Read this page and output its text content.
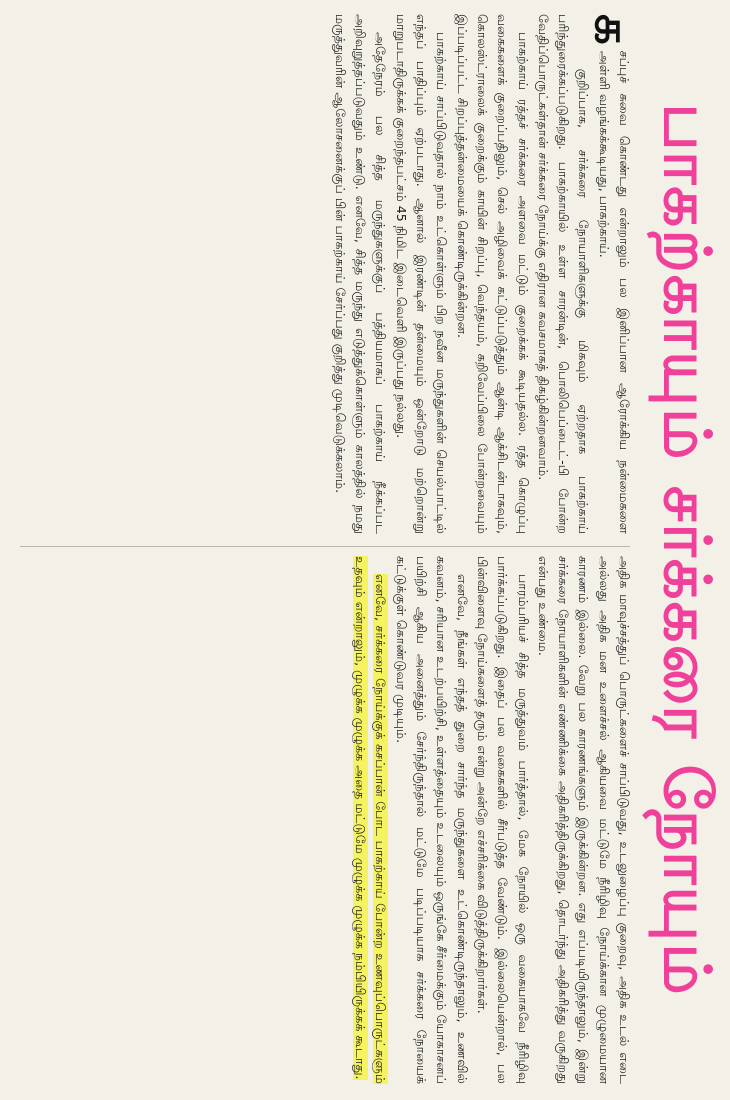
பாகற்காயும் சர்க்கரை நோயும்

க
சப்புச் சுவை கொண்டது என்றாலும் பல இனிப்பான ஆரோக்கிய நன்மைகளை அள்ளி வழங்கக்கூடியது, பாகற்காய்.

குறிப்பாக, சர்க்கரை நோயாளிகளுக்கு மிகவும் ஏற்றதாக பாகற்காய் பரிந்துரைக்கப்படுகிறது. பாகற்காயில் உள்ள சாரன்டின், பொலிபெப்டைட்-பி போன்ற வேதிப்பொருட்கள்தான் சர்க்கரை நோய்க்கு எதிரான கவசமாகத் திகழ்கின்றனவாம்.

பாகற்காய் ரத்தச் சர்க்கரை அளவை மட்டும் குறைக்கக் கூடியதல்ல. ரத்த கொழுப்பு வகைகளைக் குறைப்பதிலும், செல் அழிவைக் கட்டுப்படுத்தும் ஆன்டி ஆக்சிடன்டாகவும், கொலஸ்ட்ராலைக் குறைக்கும் காயின் சிறப்பு, வெந்தயம், கறிவேப்பிலை போன்றவையும் இப்படிப்பட்ட சிறப்புத்தன்மையைக் கொண்டிருக்கின்றன.

பாகற்காய் சாப்பிடுவதால் நாம் உட்கொள்ளும் பிற நவீன மருந்துகளின் செயல்பாட்டில் எந்தப் பாதிப்பும் ஏற்படாது. ஆனால் இரண்டின் தன்மையும் ஒன்றோடு மற்றொன்று மாறுபடாதிருக்கக் குறைந்தபட்சம் 45 நிமிட இடைவெளி இருப்பது நல்லது.

அதேநேரம் பல சித்த மருந்துகளுக்குப் பத்தியமாகப் பாகற்காய் நீக்கப்பட அறிவுறுத்தப்படுவதும் உண்டு. எனவே, சித்த மருந்து எடுத்துக்கொள்ளும் காலத்தில் நமது மருத்துவரின் ஆலோசனைக்குப் பின் பாகற்காய் சேர்ப்பது குறித்து முடிவெடுக்கலாம்.

அதிக மாவுச்சத்துப் பொருட்களைச் சாப்பிடுவது, உடலுழைப்பு குறைவு, அதிக உடல் எடை அல்லது அதிக மன உளைச்சல் ஆகியவை மட்டுமே நீரிழிவு நோய்க்கான முழுமையான காரணம் இல்லை. வேறு பல காரணங்களும் இருக்கின்றன. எது எப்படியிருந்தாலும், இன்று சர்க்கரை நோயாளிகளின் எண்ணிக்கை அதிகரித்திருக்கிறது, தொடர்ந்து அதிகரித்து வருகிறது என்பது உண்மை.

பாரம்பரியச் சித்த மருத்துவம் பார்த்தால், மேக நோயில் ஒரு வகையாகவே நீரிழிவு பார்க்கப்படுகிறது. இதைப் பல வகைகளில் சீர்படுத்த வேண்டும். இல்லையென்றால், பல பின்விளைவு நோய்களைத் தரும் என்று அன்றே எச்சரிக்கை விடுத்திருக்கிறார்கள்.

எனவே, நீங்கள் எந்தத் துறை சார்ந்த மருந்துகளை உட்கொண்டிருந்தாலும், உணவில் கவனம், சரியான உடற்பயிற்சி, உள்ளத்தையும் உடலையும் ஒருங்கே சீர்மைக்கும் யோகாசனப் பயிற்சி ஆகிய அனைத்தும் சேர்ந்திருந்தால் மட்டுமே படிப்படியாக சர்க்கரை நோயைக் கட்டுக்குள் கொண்டுவர முடியும்.

எனவே, சர்க்கரை நோய்க்குக் கசப்பான் போட பாகற்காய் போன்ற உணவுப்பொருட்களும் உதவும் என்றாலும், முழுக்க முழுக்க அதை மட்டுமே முழுக்க முழுக்க நம்பியிருக்கக் கூடாது.
